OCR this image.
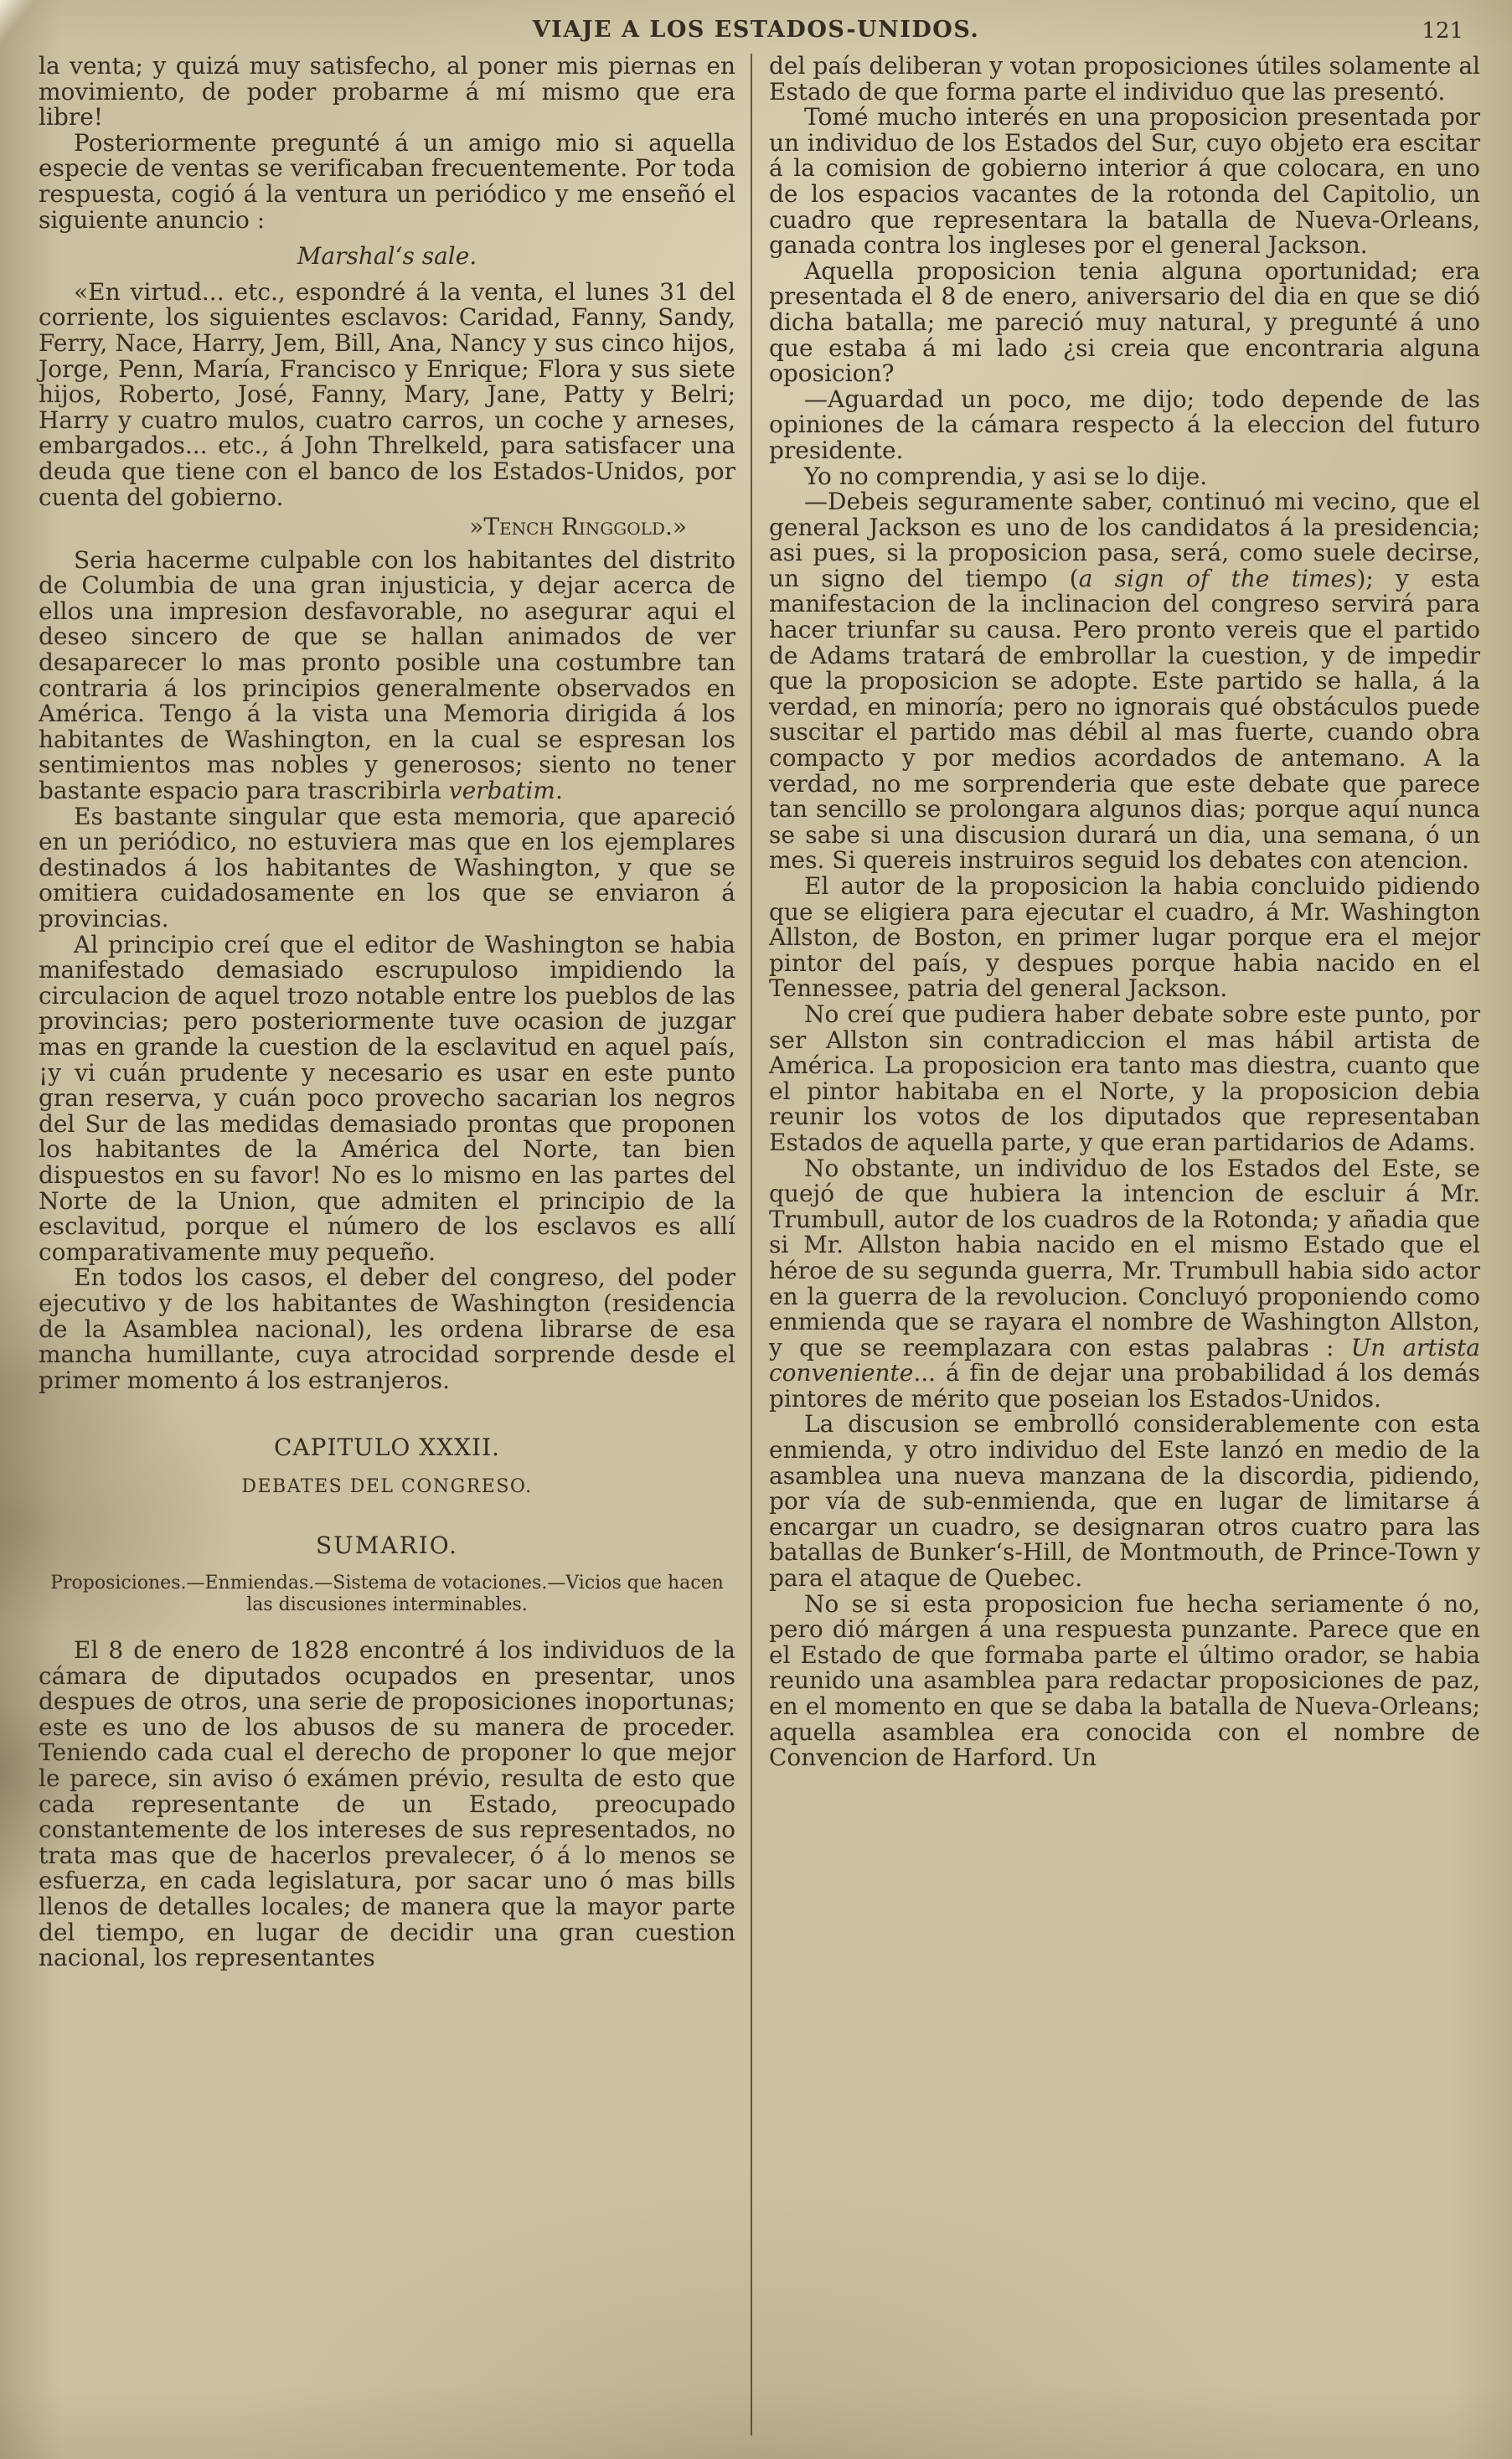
VIAJE A LOS ESTADOS-UNIDOS.	121

la venta; y quizá muy satisfecho, al poner mis piernas en movimiento, de poder probarme á mí mismo que era libre!

Posteriormente pregunté á un amigo mio si aquella especie de ventas se verificaban frecuentemente. Por toda respuesta, cogió á la ventura un periódico y me enseñó el siguiente anuncio :

Marshal‘s sale.

«En virtud... etc., espondré á la venta, el lunes 31 del corriente, los siguientes esclavos: Caridad, Fanny, Sandy, Ferry, Nace, Harry, Jem, Bill, Ana, Nancy y sus cinco hijos, Jorge, Penn, María, Francisco y Enrique; Flora y sus siete hijos, Roberto, José, Fanny, Mary, Jane, Patty y Belri; Harry y cuatro mulos, cuatro carros, un coche y arneses, embargados... etc., á John Threlkeld, para satisfacer una deuda que tiene con el banco de los Estados-Unidos, por cuenta del gobierno.

»Tench Ringgold.»

Seria hacerme culpable con los habitantes del distrito de Columbia de una gran injusticia, y dejar acerca de ellos una impresion desfavorable, no asegurar aqui el deseo sincero de que se hallan animados de ver desaparecer lo mas pronto posible una costumbre tan contraria á los principios generalmente observados en América. Tengo á la vista una Memoria dirigida á los habitantes de Washington, en la cual se espresan los sentimientos mas nobles y generosos; siento no tener bastante espacio para trascribirla verbatim.

Es bastante singular que esta memoria, que apareció en un periódico, no estuviera mas que en los ejemplares destinados á los habitantes de Washington, y que se omitiera cuidadosamente en los que se enviaron á provincias.

Al principio creí que el editor de Washington se habia manifestado demasiado escrupuloso impidiendo la circulacion de aquel trozo notable entre los pueblos de las provincias; pero posteriormente tuve ocasion de juzgar mas en grande la cuestion de la esclavitud en aquel país, ¡y vi cuán prudente y necesario es usar en este punto gran reserva, y cuán poco provecho sacarian los negros del Sur de las medidas demasiado prontas que proponen los habitantes de la América del Norte, tan bien dispuestos en su favor! No es lo mismo en las partes del Norte de la Union, que admiten el principio de la esclavitud, porque el número de los esclavos es allí comparativamente muy pequeño.

En todos los casos, el deber del congreso, del poder ejecutivo y de los habitantes de Washington (residencia de la Asamblea nacional), les ordena librarse de esa mancha humillante, cuya atrocidad sorprende desde el primer momento á los estranjeros.

CAPITULO XXXII.

DEBATES DEL CONGRESO.

SUMARIO.

Proposiciones.—Enmiendas.—Sistema de votaciones.—Vicios que hacen las discusiones interminables.

El 8 de enero de 1828 encontré á los individuos de la cámara de diputados ocupados en presentar, unos despues de otros, una serie de proposiciones inoportunas; este es uno de los abusos de su manera de proceder. Teniendo cada cual el derecho de proponer lo que mejor le parece, sin aviso ó exámen prévio, resulta de esto que cada representante de un Estado, preocupado constantemente de los intereses de sus representados, no trata mas que de hacerlos prevalecer, ó á lo menos se esfuerza, en cada legislatura, por sacar uno ó mas bills llenos de detalles locales; de manera que la mayor parte del tiempo, en lugar de decidir una gran cuestion nacional, los representantes

del país deliberan y votan proposiciones útiles solamente al Estado de que forma parte el individuo que las presentó.

Tomé mucho interés en una proposicion presentada por un individuo de los Estados del Sur, cuyo objeto era escitar á la comision de gobierno interior á que colocara, en uno de los espacios vacantes de la rotonda del Capitolio, un cuadro que representara la batalla de Nueva-Orleans, ganada contra los ingleses por el general Jackson.

Aquella proposicion tenia alguna oportunidad; era presentada el 8 de enero, aniversario del dia en que se dió dicha batalla; me pareció muy natural, y pregunté á uno que estaba á mi lado ¿si creia que encontraria alguna oposicion?

—Aguardad un poco, me dijo; todo depende de las opiniones de la cámara respecto á la eleccion del futuro presidente.

Yo no comprendia, y asi se lo dije.

—Debeis seguramente saber, continuó mi vecino, que el general Jackson es uno de los candidatos á la presidencia; asi pues, si la proposicion pasa, será, como suele decirse, un signo del tiempo (a sign of the times); y esta manifestacion de la inclinacion del congreso servirá para hacer triunfar su causa. Pero pronto vereis que el partido de Adams tratará de embrollar la cuestion, y de impedir que la proposicion se adopte. Este partido se halla, á la verdad, en minoría; pero no ignorais qué obstáculos puede suscitar el partido mas débil al mas fuerte, cuando obra compacto y por medios acordados de antemano. A la verdad, no me sorprenderia que este debate que parece tan sencillo se prolongara algunos dias; porque aquí nunca se sabe si una discusion durará un dia, una semana, ó un mes. Si quereis instruiros seguid los debates con atencion.

El autor de la proposicion la habia concluido pidiendo que se eligiera para ejecutar el cuadro, á Mr. Washington Allston, de Boston, en primer lugar porque era el mejor pintor del país, y despues porque habia nacido en el Tennessee, patria del general Jackson.

No creí que pudiera haber debate sobre este punto, por ser Allston sin contradiccion el mas hábil artista de América. La proposicion era tanto mas diestra, cuanto que el pintor habitaba en el Norte, y la proposicion debia reunir los votos de los diputados que representaban Estados de aquella parte, y que eran partidarios de Adams.

No obstante, un individuo de los Estados del Este, se quejó de que hubiera la intencion de escluir á Mr. Trumbull, autor de los cuadros de la Rotonda; y añadia que si Mr. Allston habia nacido en el mismo Estado que el héroe de su segunda guerra, Mr. Trumbull habia sido actor en la guerra de la revolucion. Concluyó proponiendo como enmienda que se rayara el nombre de Washington Allston, y que se reemplazara con estas palabras : Un artista conveniente... á fin de dejar una probabilidad á los demás pintores de mérito que poseian los Estados-Unidos.

La discusion se embrolló considerablemente con esta enmienda, y otro individuo del Este lanzó en medio de la asamblea una nueva manzana de la discordia, pidiendo, por vía de sub-enmienda, que en lugar de limitarse á encargar un cuadro, se designaran otros cuatro para las batallas de Bunker‘s-Hill, de Montmouth, de Prince-Town y para el ataque de Quebec.

No se si esta proposicion fue hecha seriamente ó no, pero dió márgen á una respuesta punzante. Parece que en el Estado de que formaba parte el último orador, se habia reunido una asamblea para redactar proposiciones de paz, en el momento en que se daba la batalla de Nueva-Orleans; aquella asamblea era conocida con el nombre de Convencion de Harford. Un
